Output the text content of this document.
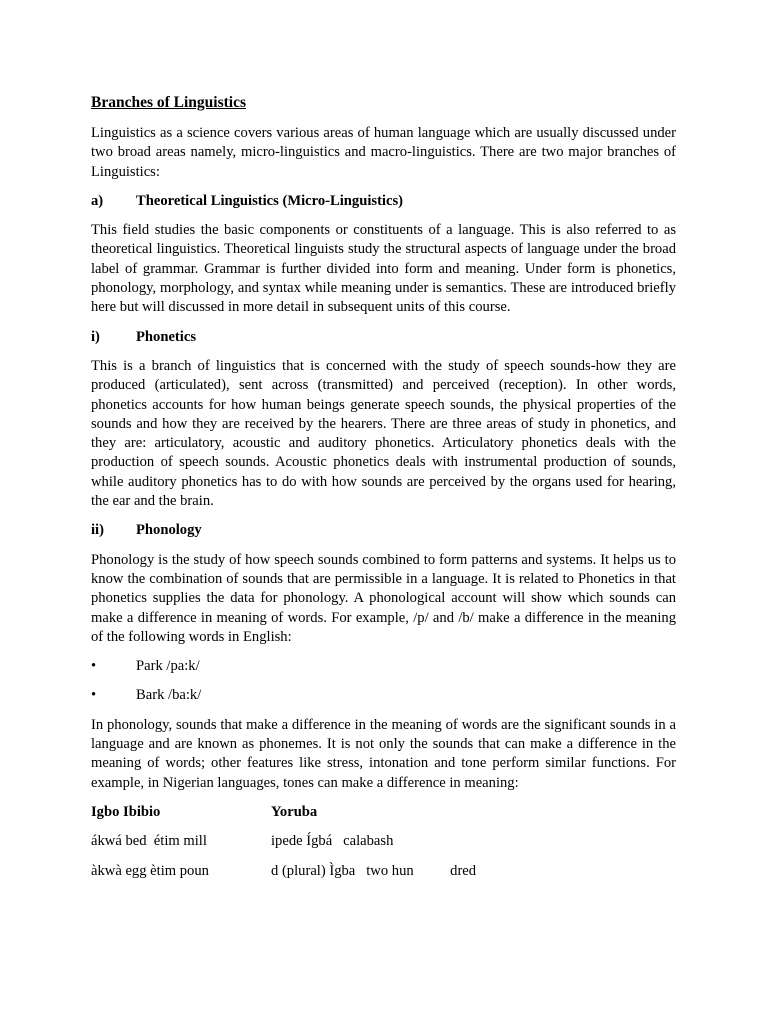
Branches of Linguistics

Linguistics as a science covers various areas of human language which are usually discussed under two broad areas namely, micro-linguistics and macro-linguistics. There are two major branches of Linguistics:

a)	Theoretical Linguistics (Micro-Linguistics)

This field studies the basic components or constituents of a language. This is also referred to as theoretical linguistics. Theoretical linguists study the structural aspects of language under the broad label of grammar. Grammar is further divided into form and meaning. Under form is phonetics, phonology, morphology, and syntax while meaning under is semantics. These are introduced briefly here but will discussed in more detail in subsequent units of this course.

i)	Phonetics

This is a branch of linguistics that is concerned with the study of speech sounds-how they are produced (articulated), sent across (transmitted) and perceived (reception). In other words, phonetics accounts for how human beings generate speech sounds, the physical properties of the sounds and how they are received by the hearers. There are three areas of study in phonetics, and they are: articulatory, acoustic and auditory phonetics. Articulatory phonetics deals with the production of speech sounds. Acoustic phonetics deals with instrumental production of sounds, while auditory phonetics has to do with how sounds are perceived by the organs used for hearing, the ear and the brain.

ii)	Phonology

Phonology is the study of how speech sounds combined to form patterns and systems. It helps us to know the combination of sounds that are permissible in a language. It is related to Phonetics in that phonetics supplies the data for phonology. A phonological account will show which sounds can make a difference in meaning of words. For example, /p/ and /b/ make a difference in the meaning of the following words in English:

•	Park /pa:k/
•	Bark /ba:k/

In phonology, sounds that make a difference in the meaning of words are the significant sounds in a language and are known as phonemes. It is not only the sounds that can make a difference in the meaning of words; other features like stress, intonation and tone perform similar functions. For example, in Nigerian languages, tones can make a difference in meaning:

Igbo Ibibio	Yoruba
ákwá bed  étim mill	ipede Ígbá   calabash
àkwà egg ètim poun	d (plural) Ìgba   two hun          dred
